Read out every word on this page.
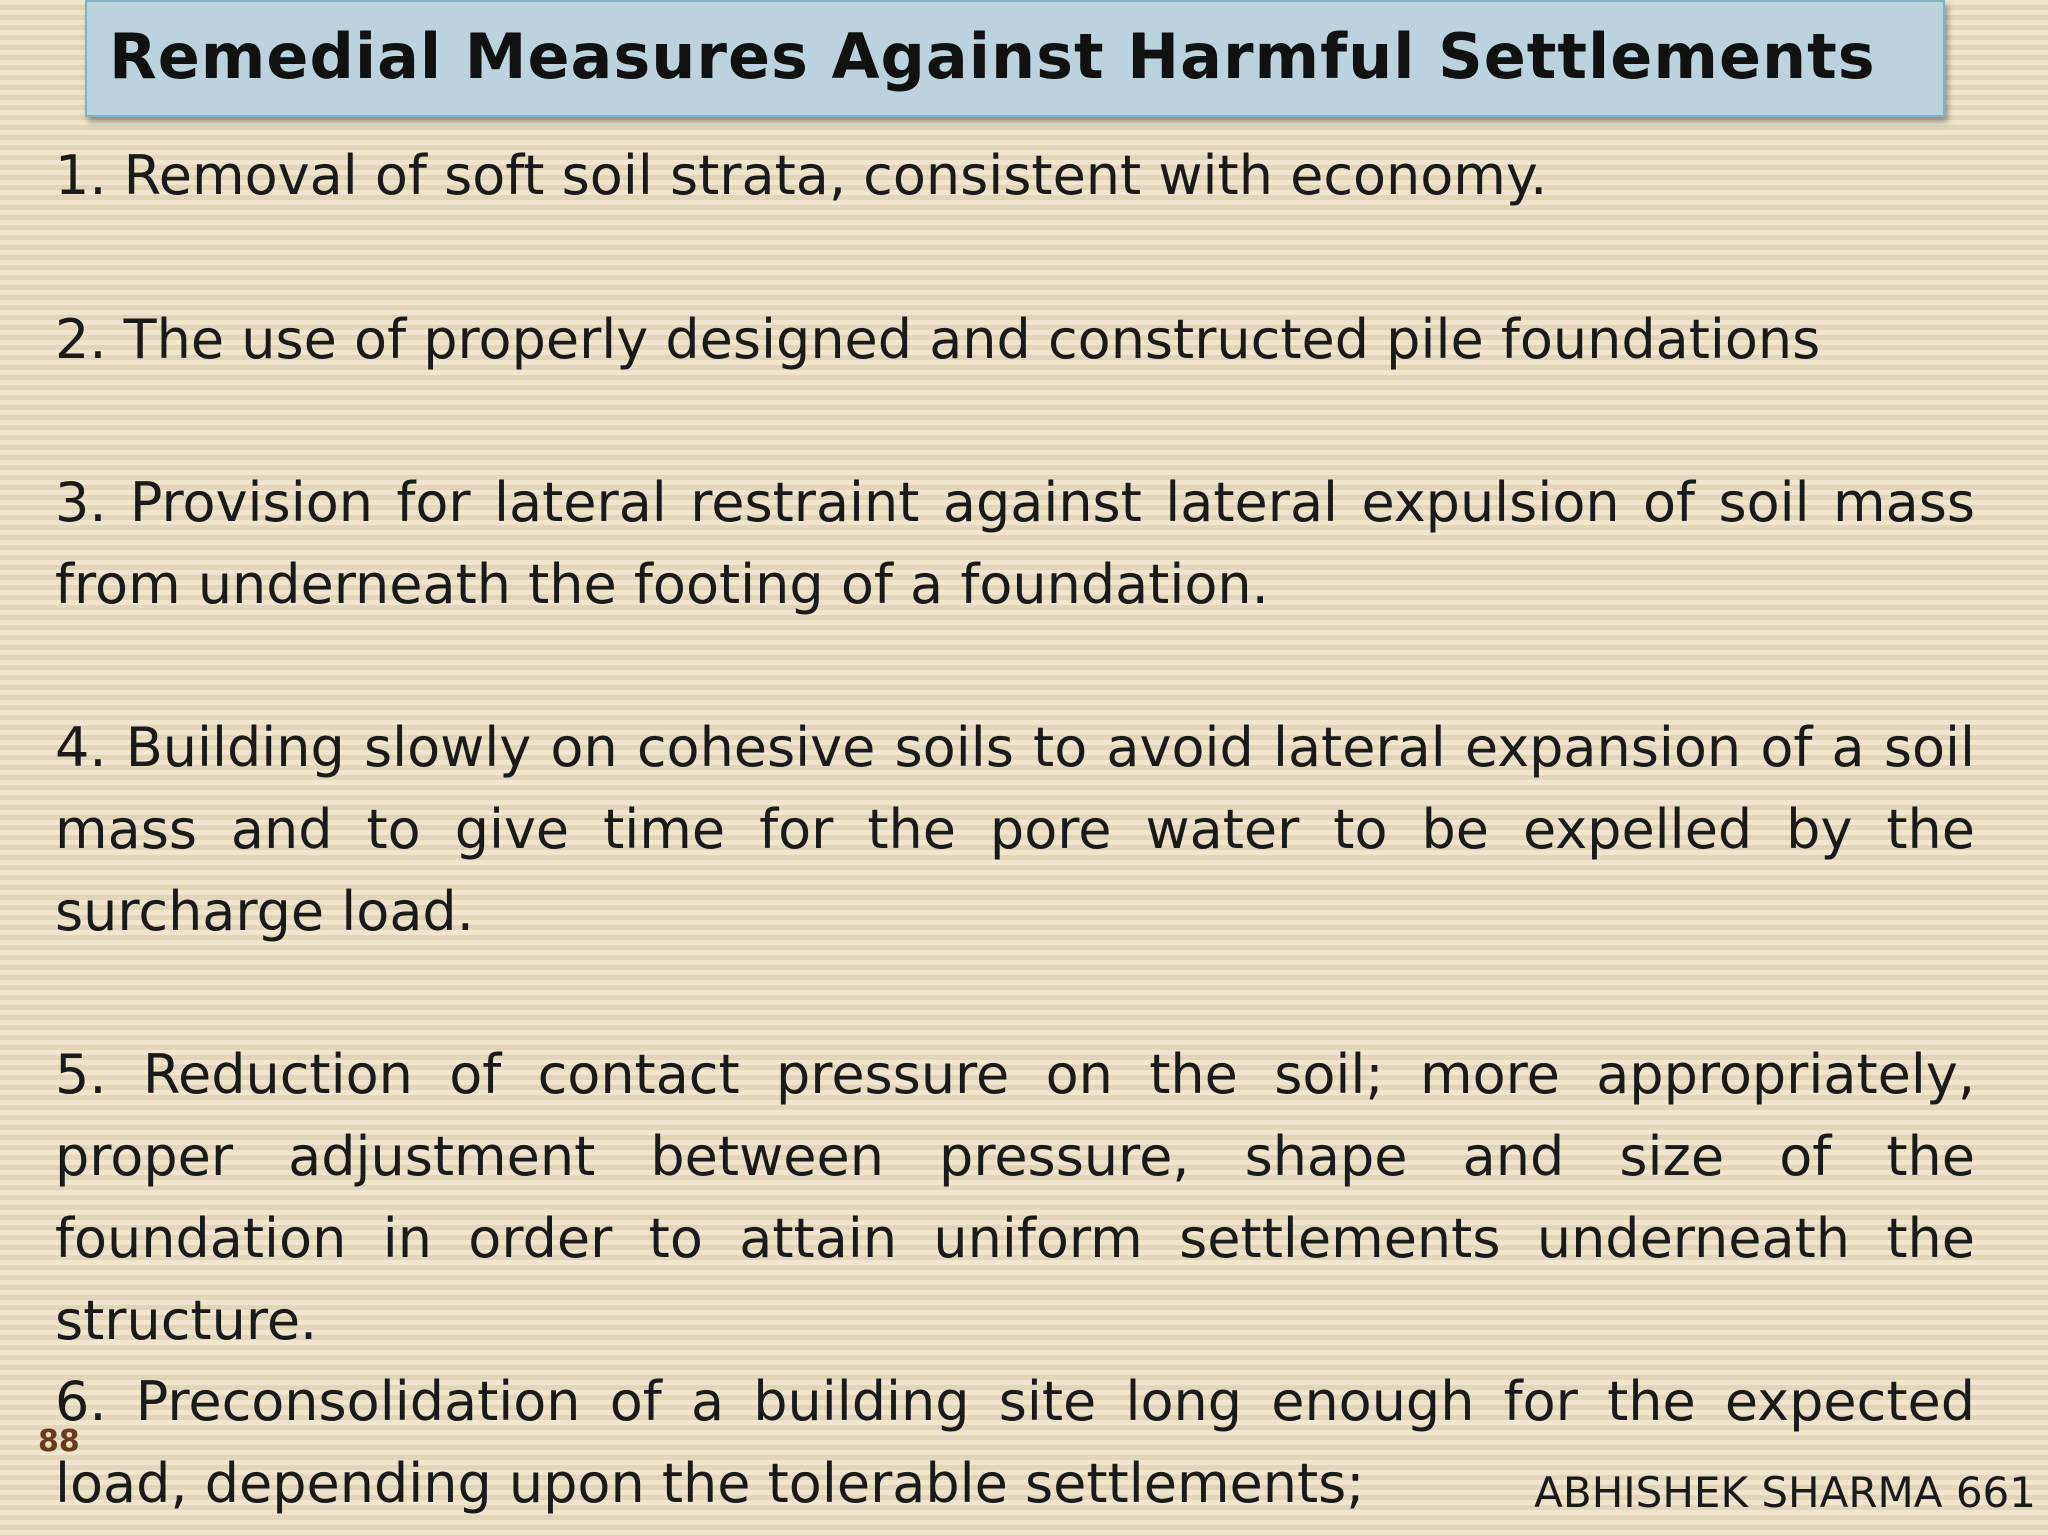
Remedial Measures Against Harmful Settlements
1. Removal of soft soil strata, consistent with economy.
2. The use of properly designed and constructed pile foundations
3. Provision for lateral restraint against lateral expulsion of soil mass from underneath the footing of a foundation.
4. Building slowly on cohesive soils to avoid lateral expansion of a soil mass and to give time for the pore water to be expelled by the surcharge load.
5. Reduction of contact pressure on the soil; more appropriately, proper adjustment between pressure, shape and size of the foundation in order to attain uniform settlements underneath the structure.
6. Preconsolidation of a building site long enough for the expected load, depending upon the tolerable settlements;
88
ABHISHEK SHARMA 661
